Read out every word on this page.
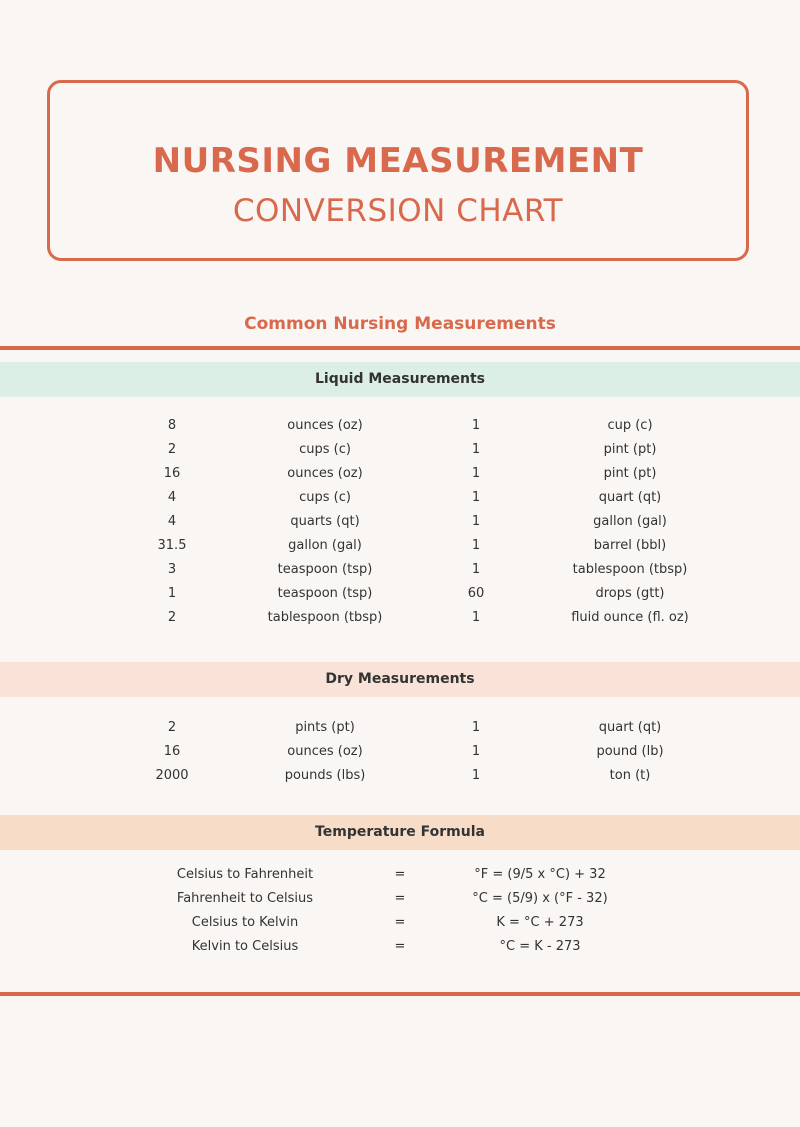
NURSING MEASUREMENT
CONVERSION CHART
Common Nursing Measurements
Liquid Measurements
8	ounces (oz)	1	cup (c)
2	cups (c)	1	pint (pt)
16	ounces (oz)	1	pint (pt)
4	cups (c)	1	quart (qt)
4	quarts (qt)	1	gallon (gal)
31.5	gallon (gal)	1	barrel (bbl)
3	teaspoon (tsp)	1	tablespoon (tbsp)
1	teaspoon (tsp)	60	drops (gtt)
2	tablespoon (tbsp)	1	fluid ounce (fl. oz)
Dry Measurements
2	pints (pt)	1	quart (qt)
16	ounces (oz)	1	pound (lb)
2000	pounds (lbs)	1	ton (t)
Temperature Formula
Celsius to Fahrenheit	=	°F = (9/5 x °C) + 32
Fahrenheit to Celsius	=	°C = (5/9) x (°F - 32)
Celsius to Kelvin	=	K = °C + 273
Kelvin to Celsius	=	°C = K - 273
